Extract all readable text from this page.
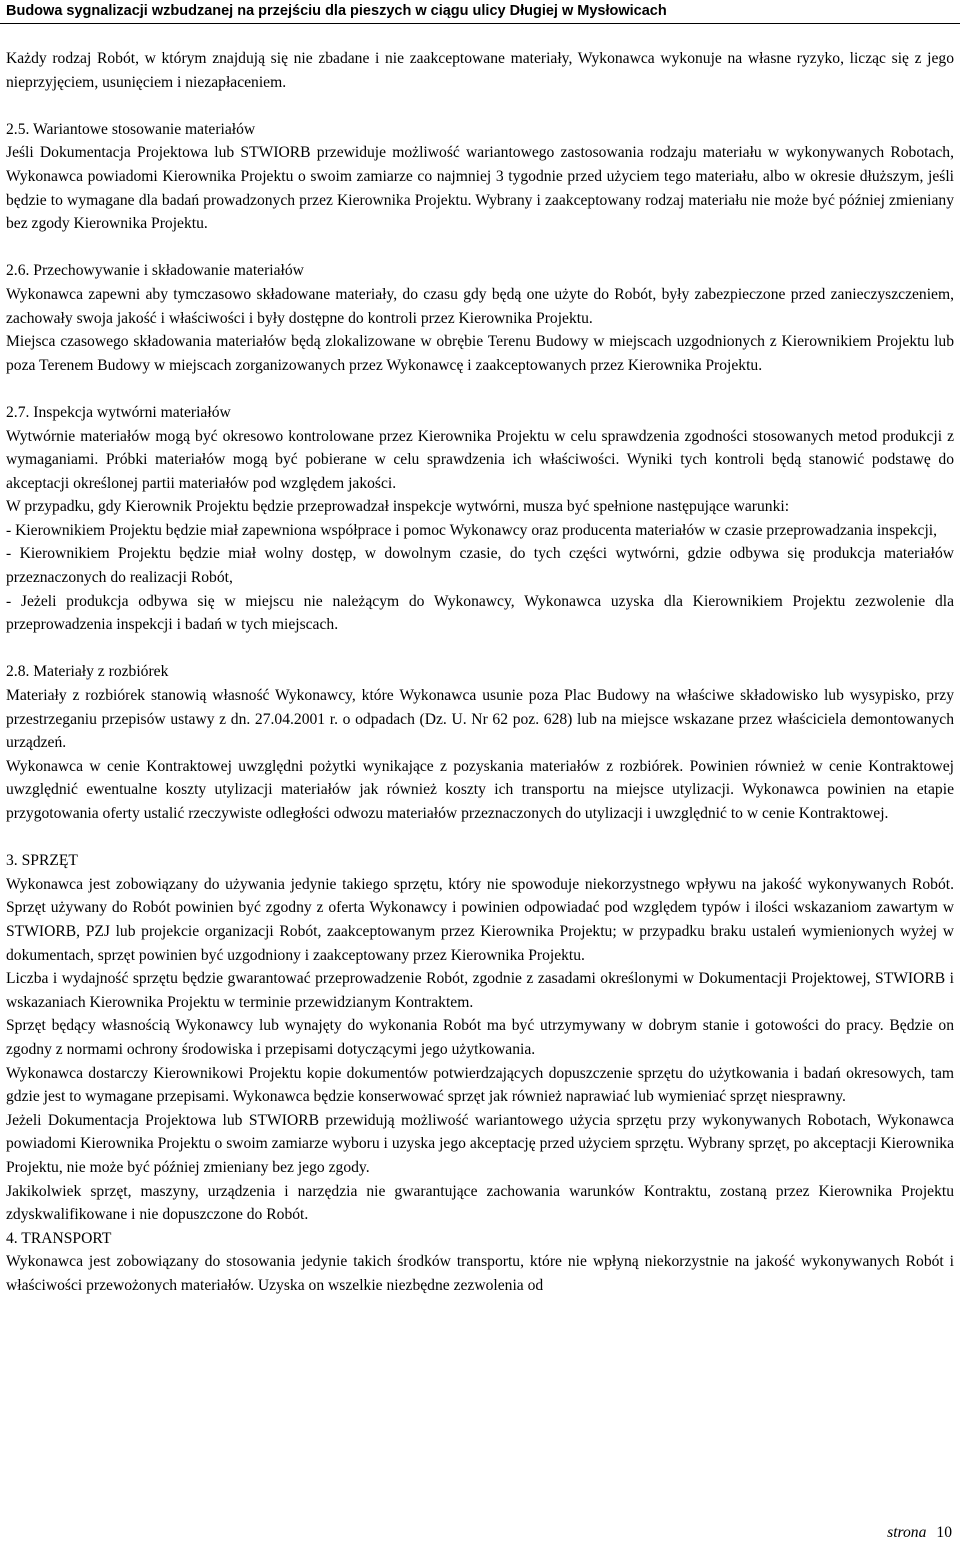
Budowa sygnalizacji wzbudzanej na przejściu dla pieszych w ciągu ulicy Długiej w Mysłowicach

Każdy rodzaj Robót, w którym znajdują się nie zbadane i nie zaakceptowane materiały, Wykonawca wykonuje na własne ryzyko, licząc się z jego nieprzyjęciem, usunięciem i niezapłaceniem.

2.5. Wariantowe stosowanie materiałów

Jeśli Dokumentacja Projektowa lub STWIORB przewiduje możliwość wariantowego zastosowania rodzaju materiału w wykonywanych Robotach, Wykonawca powiadomi Kierownika Projektu o swoim zamiarze co najmniej 3 tygodnie przed użyciem tego materiału, albo w okresie dłuższym, jeśli będzie to wymagane dla badań prowadzonych przez Kierownika Projektu. Wybrany i zaakceptowany rodzaj materiału nie może być później zmieniany bez zgody Kierownika Projektu.

2.6. Przechowywanie i składowanie materiałów

Wykonawca zapewni aby tymczasowo składowane materiały, do czasu gdy będą one użyte do Robót, były zabezpieczone przed zanieczyszczeniem, zachowały swoja jakość i właściwości i były dostępne do kontroli przez Kierownika Projektu.

Miejsca czasowego składowania materiałów będą zlokalizowane w obrębie Terenu Budowy w miejscach uzgodnionych z Kierownikiem Projektu lub poza Terenem Budowy w miejscach zorganizowanych przez Wykonawcę i zaakceptowanych przez Kierownika Projektu.

2.7. Inspekcja wytwórni materiałów

Wytwórnie materiałów mogą być okresowo kontrolowane przez Kierownika Projektu w celu sprawdzenia zgodności stosowanych metod produkcji z wymaganiami. Próbki materiałów mogą być pobierane w celu sprawdzenia ich właściwości. Wyniki tych kontroli będą stanowić podstawę do akceptacji określonej partii materiałów pod względem jakości.

W przypadku, gdy Kierownik Projektu będzie przeprowadzał inspekcje wytwórni, musza być spełnione następujące warunki:

- Kierownikiem Projektu będzie miał zapewniona współprace i pomoc Wykonawcy oraz producenta materiałów w czasie przeprowadzania inspekcji,

- Kierownikiem Projektu będzie miał wolny dostęp, w dowolnym czasie, do tych części wytwórni, gdzie odbywa się produkcja materiałów przeznaczonych do realizacji Robót,

- Jeżeli produkcja odbywa się w miejscu nie należącym do Wykonawcy, Wykonawca uzyska dla Kierownikiem Projektu zezwolenie dla przeprowadzenia inspekcji i badań w tych miejscach.

2.8. Materiały z rozbiórek

Materiały z rozbiórek stanowią własność Wykonawcy, które Wykonawca usunie poza Plac Budowy na właściwe składowisko lub wysypisko, przy przestrzeganiu przepisów ustawy z dn. 27.04.2001 r. o odpadach (Dz. U. Nr 62 poz. 628) lub na miejsce wskazane przez właściciela demontowanych urządzeń.

Wykonawca w cenie Kontraktowej uwzględni pożytki wynikające z pozyskania materiałów z rozbiórek. Powinien również w cenie Kontraktowej uwzględnić ewentualne koszty utylizacji materiałów jak również koszty ich transportu na miejsce utylizacji. Wykonawca powinien na etapie przygotowania oferty ustalić rzeczywiste odległości odwozu materiałów przeznaczonych do utylizacji i uwzględnić to w cenie Kontraktowej.

3. SPRZĘT

Wykonawca jest zobowiązany do używania jedynie takiego sprzętu, który nie spowoduje niekorzystnego wpływu na jakość wykonywanych Robót. Sprzęt używany do Robót powinien być zgodny z oferta Wykonawcy i powinien odpowiadać pod względem typów i ilości wskazaniom zawartym w STWIORB, PZJ lub projekcie organizacji Robót, zaakceptowanym przez Kierownika Projektu; w przypadku braku ustaleń wymienionych wyżej w dokumentach, sprzęt powinien być uzgodniony i zaakceptowany przez Kierownika Projektu.

Liczba i wydajność sprzętu będzie gwarantować przeprowadzenie Robót, zgodnie z zasadami określonymi w Dokumentacji Projektowej, STWIORB i wskazaniach Kierownika Projektu w terminie przewidzianym Kontraktem.

Sprzęt będący własnością Wykonawcy lub wynajęty do wykonania Robót ma być utrzymywany w dobrym stanie i gotowości do pracy. Będzie on zgodny z normami ochrony środowiska i przepisami dotyczącymi jego użytkowania.

Wykonawca dostarczy Kierownikowi Projektu kopie dokumentów potwierdzających dopuszczenie sprzętu do użytkowania i badań okresowych, tam gdzie jest to wymagane przepisami. Wykonawca będzie konserwować sprzęt jak również naprawiać lub wymieniać sprzęt niesprawny.

Jeżeli Dokumentacja Projektowa lub STWIORB przewidują możliwość wariantowego użycia sprzętu przy wykonywanych Robotach, Wykonawca powiadomi Kierownika Projektu o swoim zamiarze wyboru i uzyska jego akceptację przed użyciem sprzętu. Wybrany sprzęt, po akceptacji Kierownika Projektu, nie może być później zmieniany bez jego zgody.

Jakikolwiek sprzęt, maszyny, urządzenia i narzędzia nie gwarantujące zachowania warunków Kontraktu, zostaną przez Kierownika Projektu zdyskwalifikowane i nie dopuszczone do Robót.

4. TRANSPORT

Wykonawca jest zobowiązany do stosowania jedynie takich środków transportu, które nie wpłyną niekorzystnie na jakość wykonywanych Robót i właściwości przewożonych materiałów. Uzyska on wszelkie niezbędne zezwolenia od

strona 10
